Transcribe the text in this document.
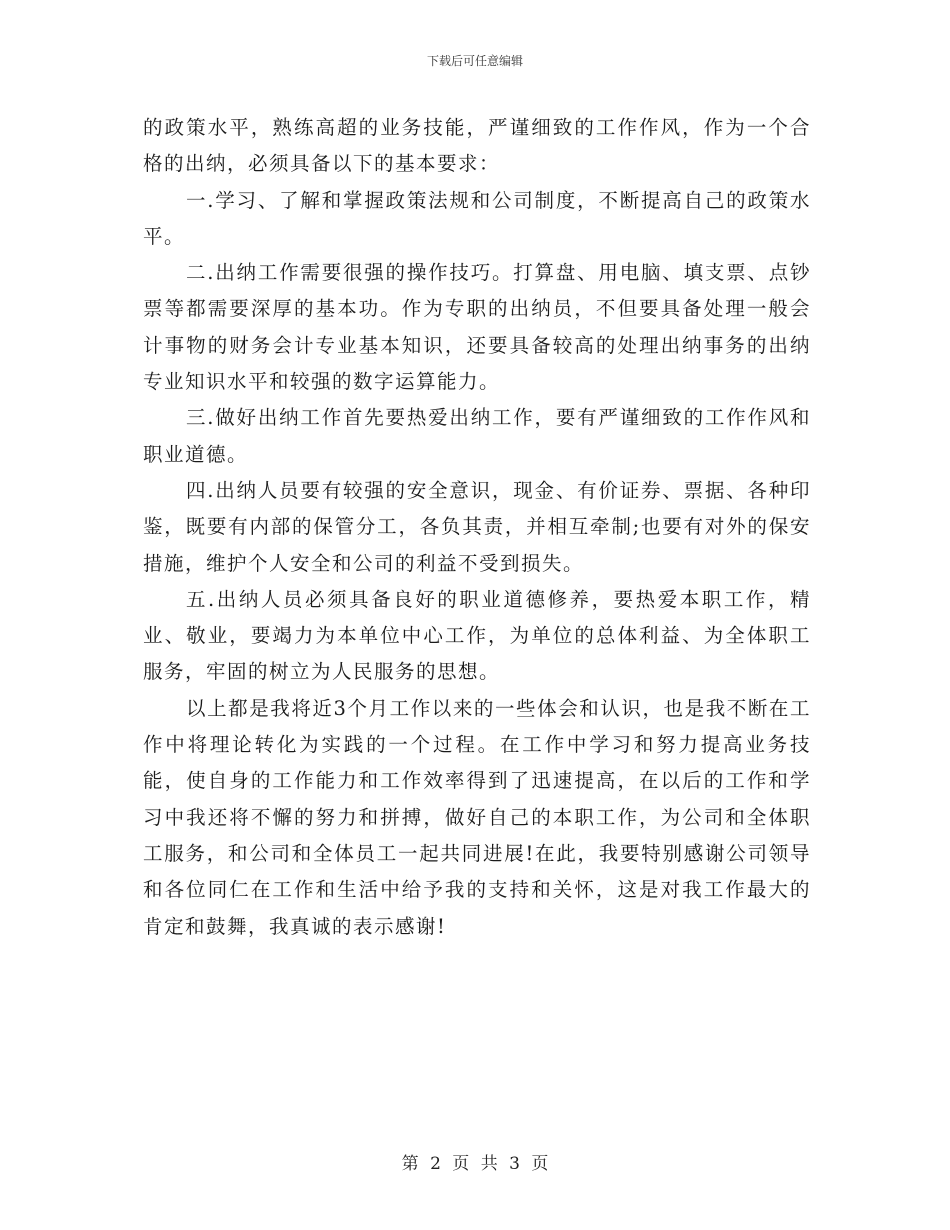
下载后可任意编辑

的政策水平，熟练高超的业务技能，严谨细致的工作作风，作为一个合格的出纳，必须具备以下的基本要求：

一.学习、了解和掌握政策法规和公司制度，不断提高自己的政策水平。

二.出纳工作需要很强的操作技巧。打算盘、用电脑、填支票、点钞票等都需要深厚的基本功。作为专职的出纳员，不但要具备处理一般会计事物的财务会计专业基本知识，还要具备较高的处理出纳事务的出纳专业知识水平和较强的数字运算能力。

三.做好出纳工作首先要热爱出纳工作，要有严谨细致的工作作风和职业道德。

四.出纳人员要有较强的安全意识，现金、有价证券、票据、各种印鉴，既要有内部的保管分工，各负其责，并相互牵制;也要有对外的保安措施，维护个人安全和公司的利益不受到损失。

五.出纳人员必须具备良好的职业道德修养，要热爱本职工作，精业、敬业，要竭力为本单位中心工作，为单位的总体利益、为全体职工服务，牢固的树立为人民服务的思想。

以上都是我将近3个月工作以来的一些体会和认识，也是我不断在工作中将理论转化为实践的一个过程。在工作中学习和努力提高业务技能，使自身的工作能力和工作效率得到了迅速提高，在以后的工作和学习中我还将不懈的努力和拼搏，做好自己的本职工作，为公司和全体职工服务，和公司和全体员工一起共同进展!在此，我要特别感谢公司领导和各位同仁在工作和生活中给予我的支持和关怀，这是对我工作最大的肯定和鼓舞，我真诚的表示感谢!

第 2 页 共 3 页
